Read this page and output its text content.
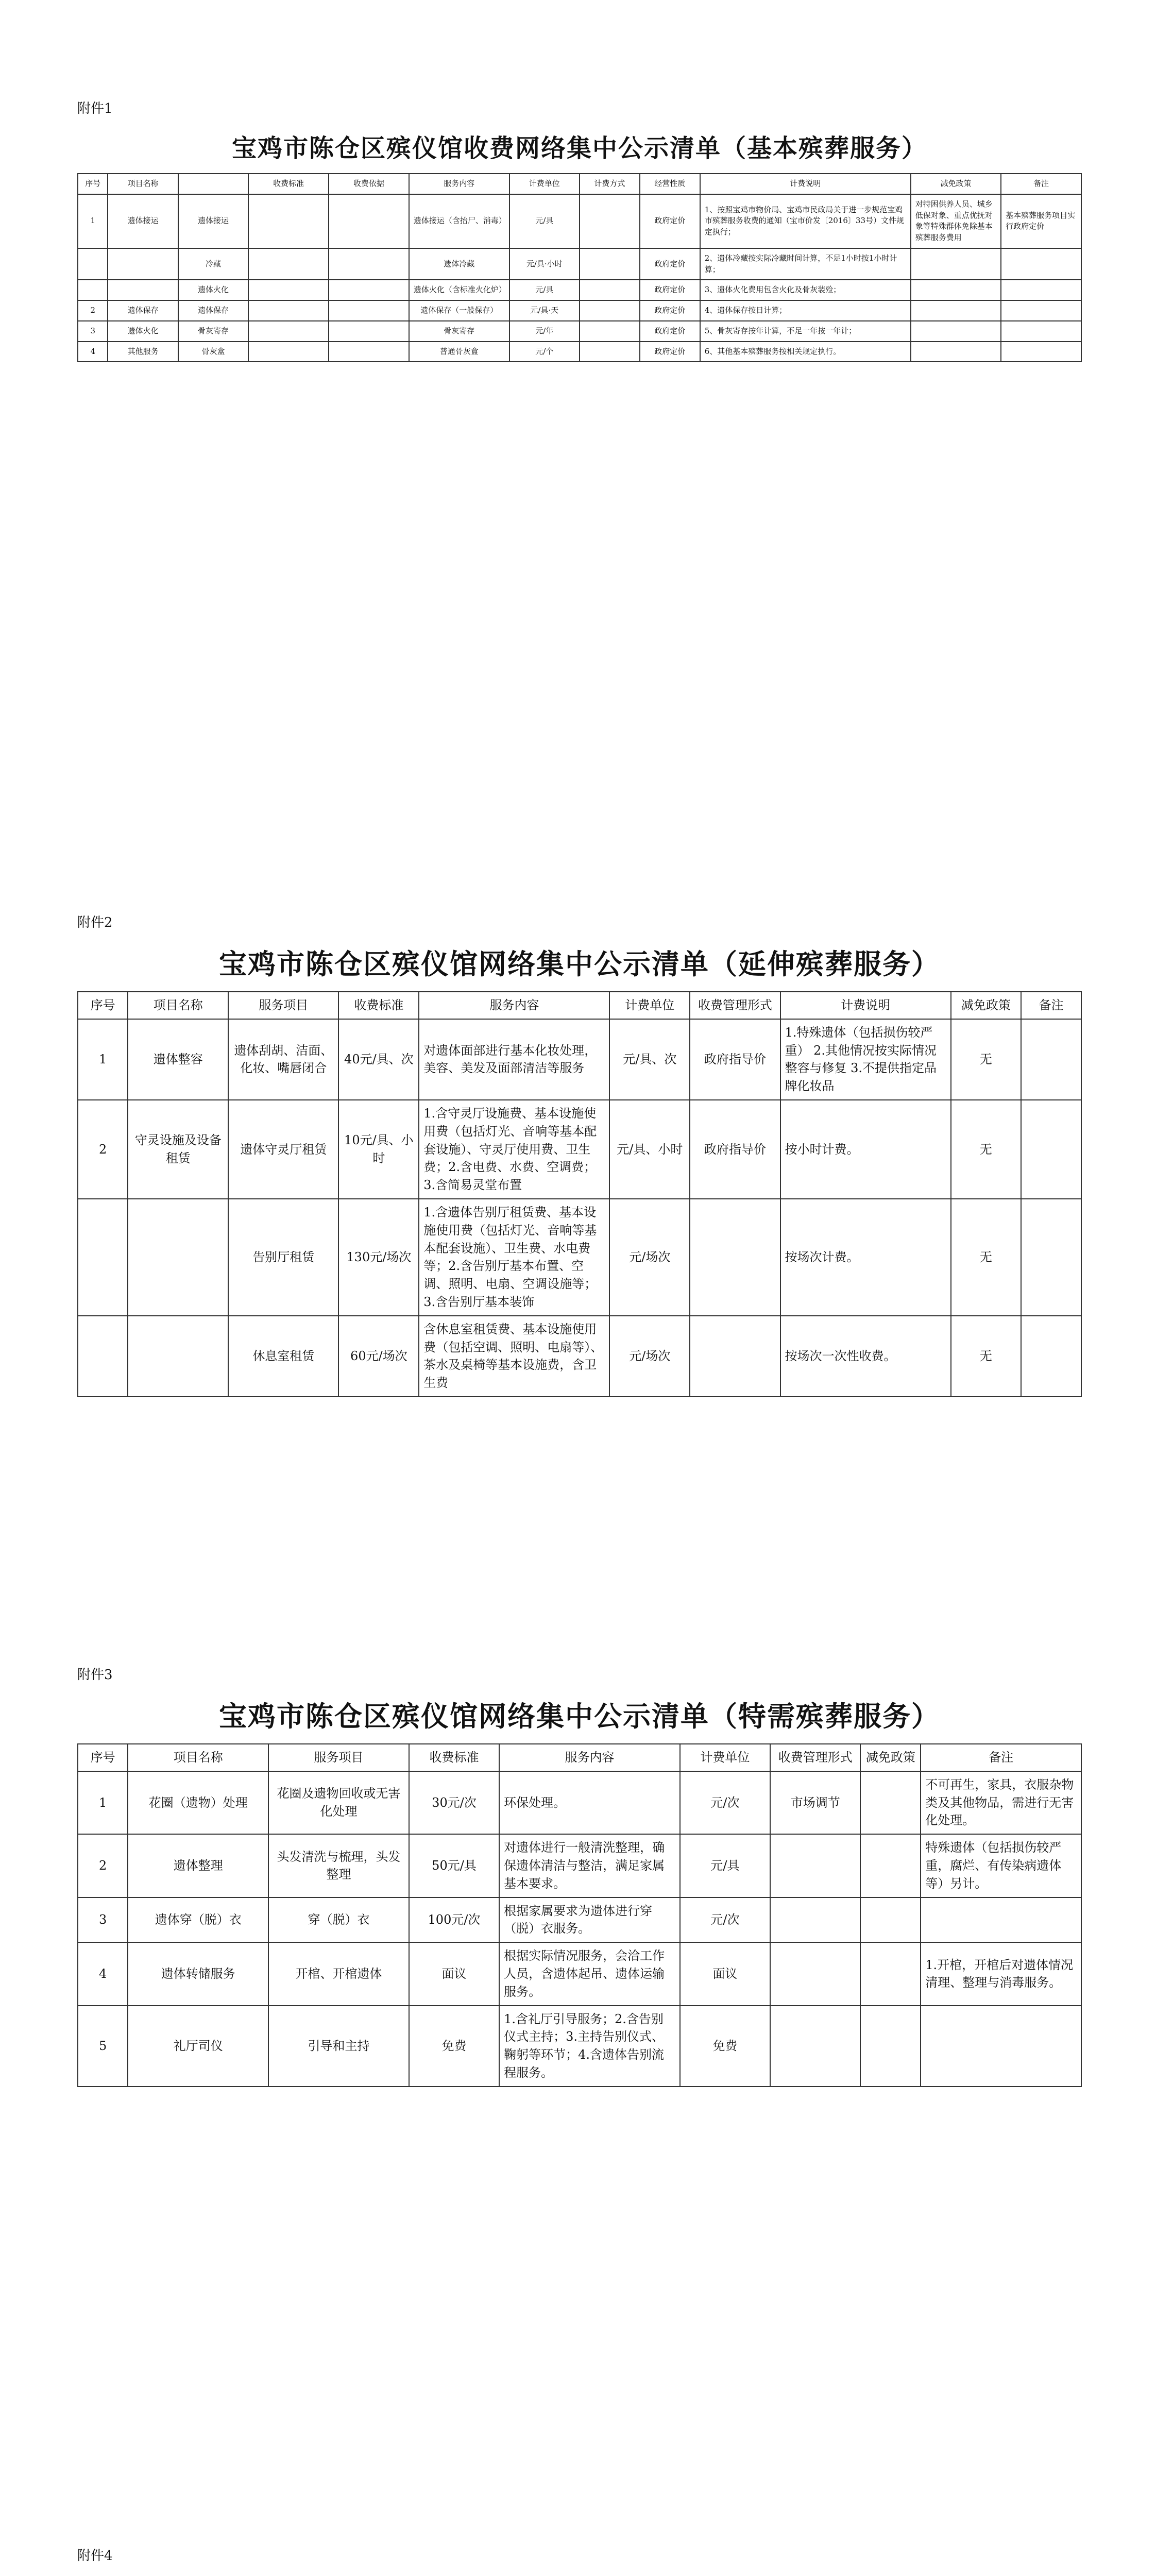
附件1
宝鸡市陈仓区殡仪馆收费网络集中公示清单（基本殡葬服务）
序号	项目名称		收费标准	收费依据	服务内容	计费单位	计费方式	经营性质	计费说明	减免政策	备注
1	遗体接运	遗体接运			遗体接运（含抬尸、消毒）	元/具		政府定价	1、按照宝鸡市物价局、宝鸡市民政局关于进一步规范宝鸡市殡葬服务收费的通知（宝市价发〔2016〕33号）文件规定执行；	对特困供养人员、城乡低保对象、重点优抚对象等特殊群体免除基本殡葬服务费用	基本殡葬服务项目实行政府定价
		冷藏			遗体冷藏	元/具·小时		政府定价	2、遗体冷藏按实际冷藏时间计算，不足1小时按1小时计算；		
		遗体火化			遗体火化（含标准火化炉）	元/具		政府定价	3、遗体火化费用包含火化及骨灰装殓；		
2	遗体保存	遗体保存			遗体保存（一般保存）	元/具·天		政府定价	4、遗体保存按日计算；		
3	遗体火化	骨灰寄存			骨灰寄存	元/年		政府定价	5、骨灰寄存按年计算，不足一年按一年计；		
4	其他服务	骨灰盒			普通骨灰盒	元/个		政府定价	6、其他基本殡葬服务按相关规定执行。		
附件2
宝鸡市陈仓区殡仪馆网络集中公示清单（延伸殡葬服务）
序号	项目名称	服务项目	收费标准	服务内容	计费单位	收费管理形式	计费说明	减免政策	备注
1	遗体整容	遗体刮胡、洁面、化妆、嘴唇闭合	40元/具、次	对遗体面部进行基本化妆处理，美容、美发及面部清洁等服务	元/具、次	政府指导价	1.特殊遗体（包括损伤较严重） 2.其他情况按实际情况整容与修复 3.不提供指定品牌化妆品	无	
2	守灵设施及设备租赁	遗体守灵厅租赁	10元/具、小时	1.含守灵厅设施费、基本设施使用费（包括灯光、音响等基本配套设施）、守灵厅使用费、卫生费；2.含电费、水费、空调费；3.含简易灵堂布置	元/具、小时	政府指导价	按小时计费。	无	
		告别厅租赁	130元/场次	1.含遗体告别厅租赁费、基本设施使用费（包括灯光、音响等基本配套设施）、卫生费、水电费等；2.含告别厅基本布置、空调、照明、电扇、空调设施等；3.含告别厅基本装饰	元/场次		按场次计费。	无	
		休息室租赁	60元/场次	含休息室租赁费、基本设施使用费（包括空调、照明、电扇等）、茶水及桌椅等基本设施费，含卫生费	元/场次		按场次一次性收费。	无	
附件3
宝鸡市陈仓区殡仪馆网络集中公示清单（特需殡葬服务）
序号	项目名称	服务项目	收费标准	服务内容	计费单位	收费管理形式	减免政策	备注
1	花圈（遗物）处理	花圈及遗物回收或无害化处理	30元/次	环保处理。	元/次	市场调节		不可再生，家具，衣服杂物类及其他物品，需进行无害化处理。
2	遗体整理	头发清洗与梳理，头发整理	50元/具	对遗体进行一般清洗整理，确保遗体清洁与整洁，满足家属基本要求。	元/具			特殊遗体（包括损伤较严重，腐烂、有传染病遗体等）另计。
3	遗体穿（脱）衣	穿（脱）衣	100元/次	根据家属要求为遗体进行穿（脱）衣服务。	元/次			
4	遗体转储服务	开棺、开棺遗体	面议	根据实际情况服务，会洽工作人员，含遗体起吊、遗体运输服务。	面议			1.开棺，开棺后对遗体情况清理、整理与消毒服务。
5	礼厅司仪	引导和主持	免费	1.含礼厅引导服务；2.含告别仪式主持；3.主持告别仪式、鞠躬等环节；4.含遗体告别流程服务。	免费			
附件4
